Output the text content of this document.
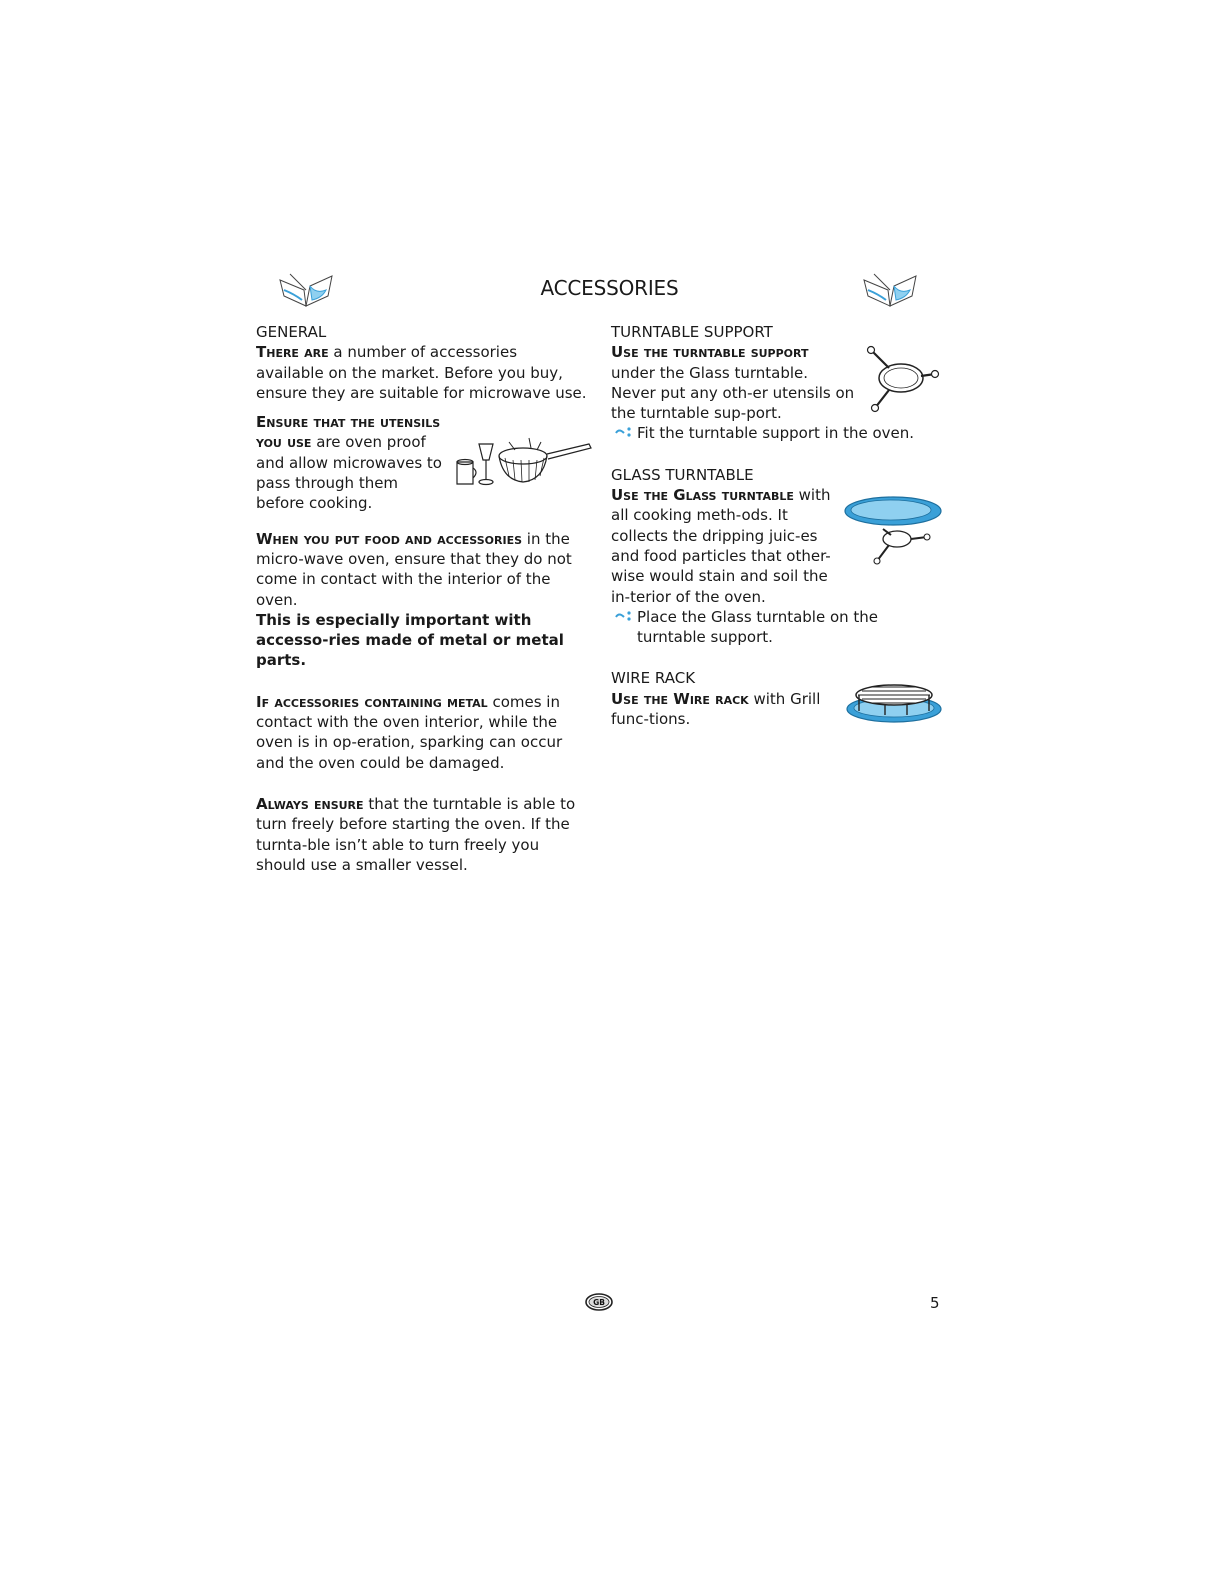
ACCESSORIES
GENERAL

There are a number of accessories available on the market. Before you buy, ensure they are suitable for microwave use.

Ensure that the utensils you use are oven proof and allow microwaves to pass through them before cooking.

When you put food and accessories in the micro-wave oven, ensure that they do not come in contact with the interior of the oven.

This is especially important with accesso-ries made of metal or metal parts.

If accessories containing metal comes in contact with the oven interior, while the oven is in op-eration, sparking can occur and the oven could be damaged.

Always ensure that the turntable is able to turn freely before starting the oven. If the turnta-ble isn’t able to turn freely you should use a smaller vessel.

TURNTABLE SUPPORT

Use the turntable support under the Glass turntable. Never put any oth-er utensils on the turntable sup-port.

Fit the turntable support in the oven.
GLASS TURNTABLE

Use the Glass turntable with all cooking meth-ods. It collects the dripping juic-es and food particles that other-wise would stain and soil the in-terior of the oven.

Place the Glass turntable on the turntable support.
WIRE RACK

Use the Wire rack with Grill func-tions.

GB	5
